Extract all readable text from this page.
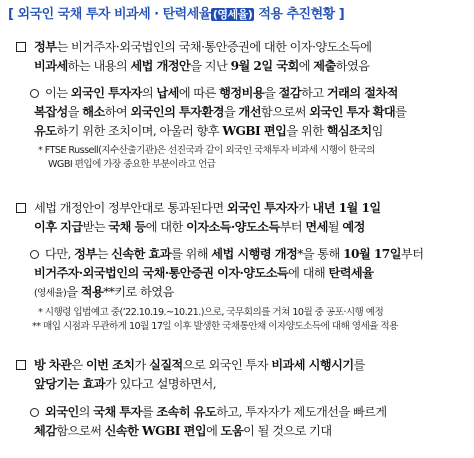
[ 외국인 국채 투자 비과세 · 탄력세율 (영세율) 적용 추진현황 ]
정부는 비거주자·외국법인의 국채·통안증권에 대한 이자·양도소득에
비과세하는 내용의 세법 개정안을 지난 9월 2일 국회에 제출하였음
이는 외국인 투자자의 납세에 따른 행정비용을 절감하고 거래의 절차적
복잡성을 해소하여 외국인의 투자환경을 개선함으로써 외국인 투자 확대를
유도하기 위한 조치이며, 아울러 향후 WGBI 편입을 위한 핵심조치임
* FTSE Russell(지수산출기관)은 선진국과 같이 외국인 국채투자 비과세 시행이 한국의
WGBI 편입에 가장 중요한 부분이라고 언급
세법 개정안이 정부안대로 통과된다면 외국인 투자자가 내년 1월 1일
이후 지급받는 국채 등에 대한 이자소득·양도소득부터 면세될 예정
다만, 정부는 신속한 효과를 위해 세법 시행령 개정*을 통해 10월 17일부터
비거주자·외국법인의 국채·통안증권 이자·양도소득에 대해 탄력세율
(영세율)을 적용**키로 하였음
* 시행령 입법예고 중(’22.10.19.~10.21.)으로, 국무회의를 거쳐 10월 중 공포·시행 예정
** 매입 시점과 무관하게 10월 17일 이후 발생한 국채통안채 이자양도소득에 대해 영세율 적용
방 차관은 이번 조치가 실질적으로 외국인 투자 비과세 시행시기를
앞당기는 효과가 있다고 설명하면서,
외국인의 국채 투자를 조속히 유도하고, 투자자가 제도개선을 빠르게
체감함으로써 신속한 WGBI 편입에 도움이 될 것으로 기대
